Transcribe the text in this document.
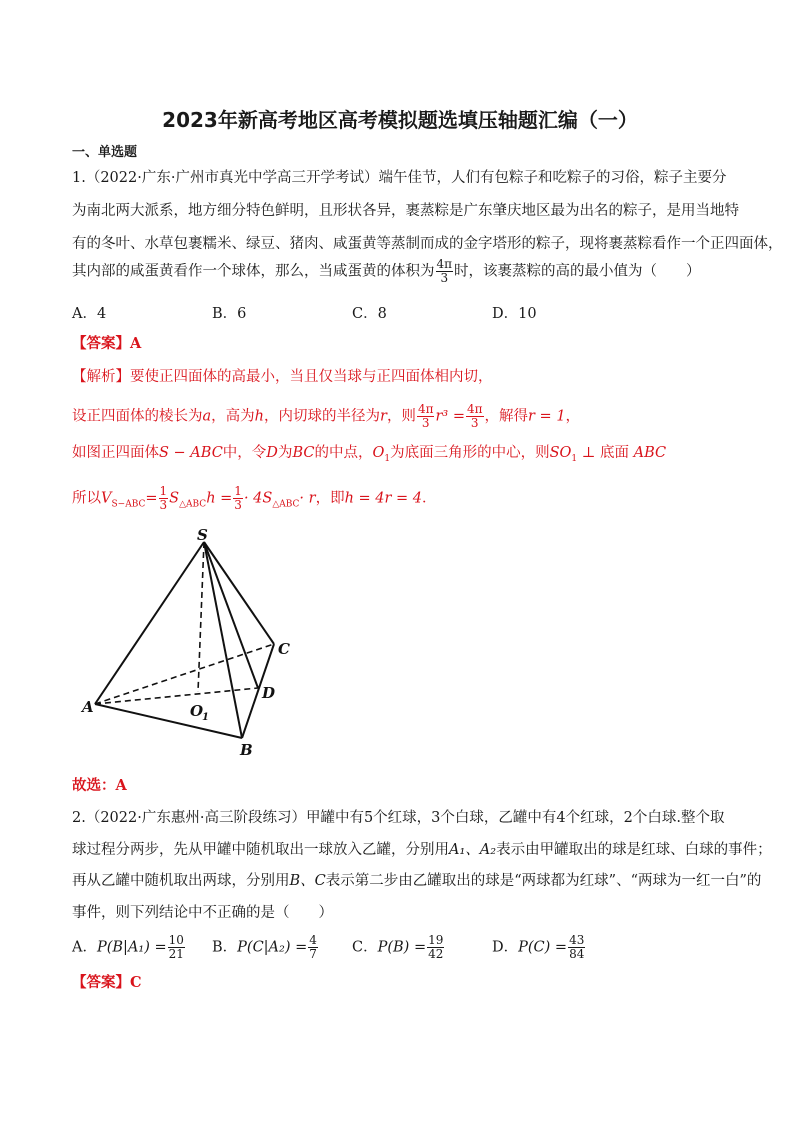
2023年新高考地区高考模拟题选填压轴题汇编（一）
一、单选题
1.（2022·广东·广州市真光中学高三开学考试）端午佳节，人们有包粽子和吃粽子的习俗，粽子主要分
为南北两大派系，地方细分特色鲜明，且形状各异，裹蒸粽是广东肇庆地区最为出名的粽子，是用当地特
有的冬叶、水草包裹糯米、绿豆、猪肉、咸蛋黄等蒸制而成的金字塔形的粽子，现将裹蒸粽看作一个正四面体，
其内部的咸蛋黄看作一个球体，那么，当咸蛋黄的体积为 $\frac{4\pi}{3}$ 时，该裹蒸粽的高的最小值为（　　）
A．4	B．6	C．8	D．10
【答案】A
【解析】要使正四面体的高最小，当且仅当球与正四面体相内切，
设正四面体的棱长为a，高为h，内切球的半径为r，则 $\frac{4\pi}{3} r^3 = \frac{4\pi}{3}$ ，解得r = 1，
如图正四面体S − ABC中，令D为BC的中点，$O_1$为底面三角形的中心，则$SO_1$ ⊥ 底面 ABC
所以$V_{S-ABC}= \frac{1}{3} S_{\triangle ABC}h = \frac{1}{3} \cdot 4S_{\triangle ABC}\cdot r$，即h = 4r = 4．
S
A
B
C
D
O
1
故选：A
2.（2022·广东惠州·高三阶段练习）甲罐中有5个红球，3个白球，乙罐中有4个红球，2个白球.整个取
球过程分两步，先从甲罐中随机取出一球放入乙罐，分别用A₁、A₂表示由甲罐取出的球是红球、白球的事件；
再从乙罐中随机取出两球，分别用B、C表示第二步由乙罐取出的球是“两球都为红球”、“两球为一红一白”的
事件，则下列结论中不正确的是（　　）
A．$P(B|A_1) = \frac{10}{21}$ B．$P(C|A_2) = \frac{4}{7}$ C．$P(B) = \frac{19}{42}$	D．$P(C) = \frac{43}{84}$
【答案】C
